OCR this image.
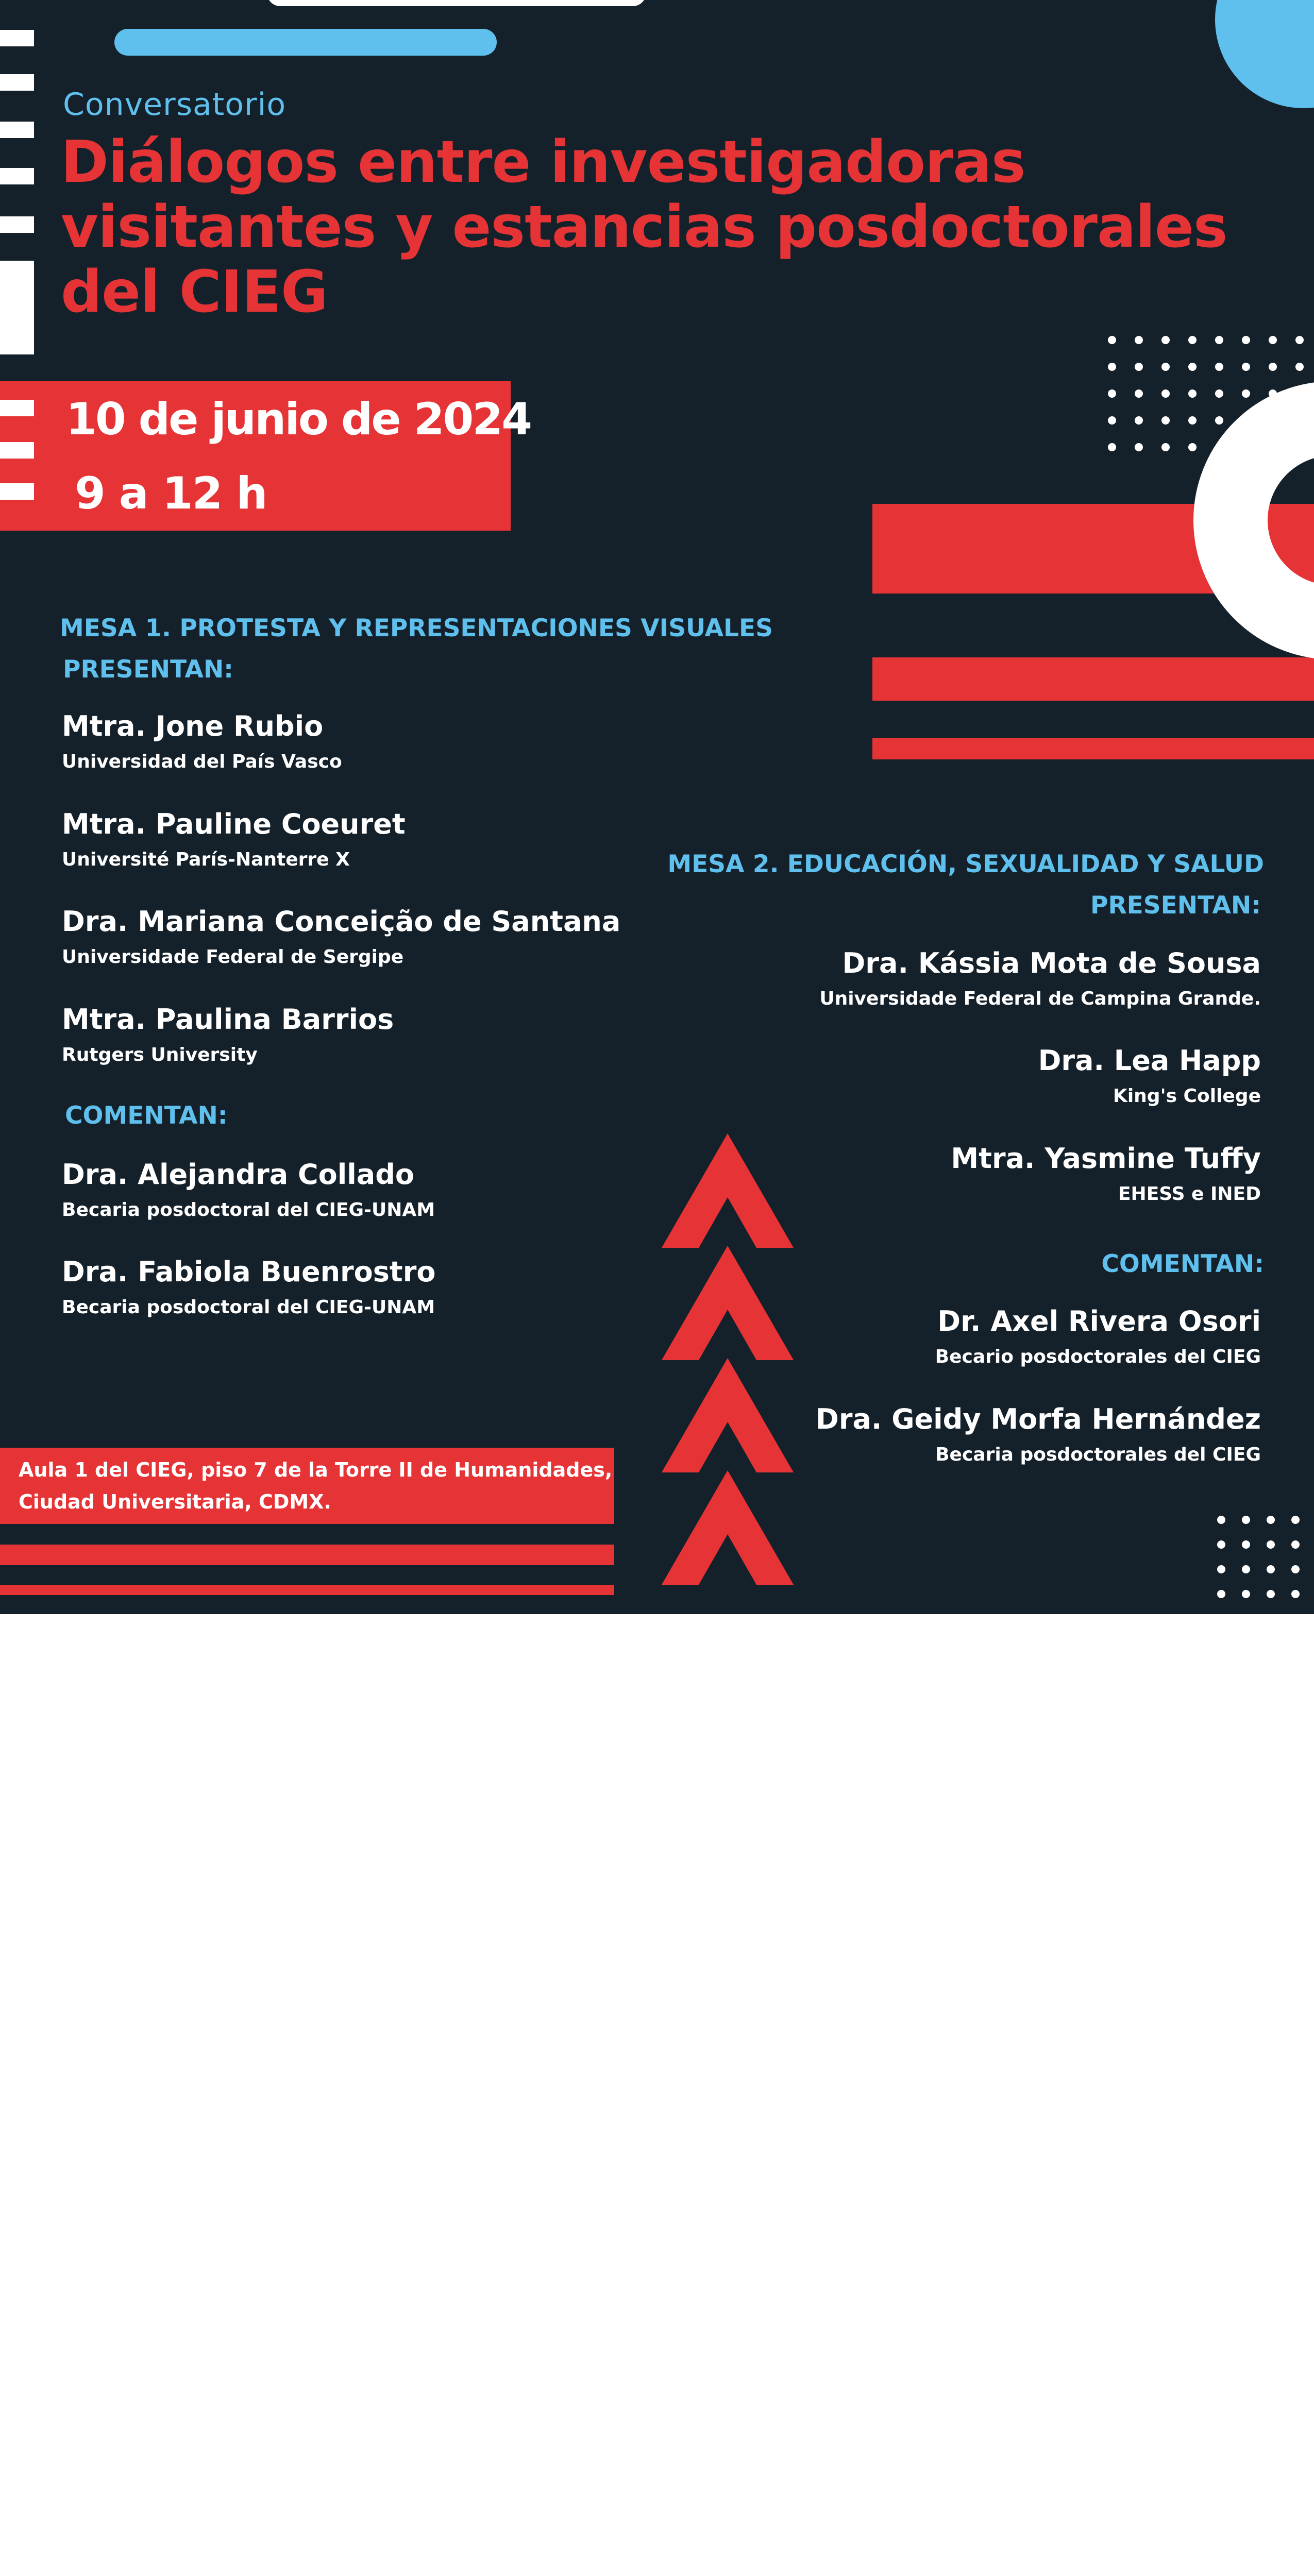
Conversatorio
Diálogos entre investigadoras
visitantes y estancias posdoctorales
del CIEG
10 de junio de 2024
9 a 12 h
MESA 1. PROTESTA Y REPRESENTACIONES VISUALES
PRESENTAN:
Mtra. Jone Rubio
Universidad del País Vasco
Mtra. Pauline Coeuret
Université París-Nanterre X
Dra. Mariana Conceição de Santana
Universidade Federal de Sergipe
Mtra. Paulina Barrios
Rutgers University
COMENTAN:
Dra. Alejandra Collado
Becaria posdoctoral del CIEG-UNAM
Dra. Fabiola Buenrostro
Becaria posdoctoral del CIEG-UNAM
MESA 2. EDUCACIÓN, SEXUALIDAD Y SALUD
PRESENTAN:
Dra. Kássia Mota de Sousa
Universidade Federal de Campina Grande.
Dra. Lea Happ
King's College
Mtra. Yasmine Tuffy
EHESS e INED
COMENTAN:
Dr. Axel Rivera Osori
Becario posdoctorales del CIEG
Dra. Geidy Morfa Hernández
Becaria posdoctorales del CIEG
Aula 1 del CIEG, piso 7 de la Torre II de Humanidades,
Ciudad Universitaria, CDMX.
